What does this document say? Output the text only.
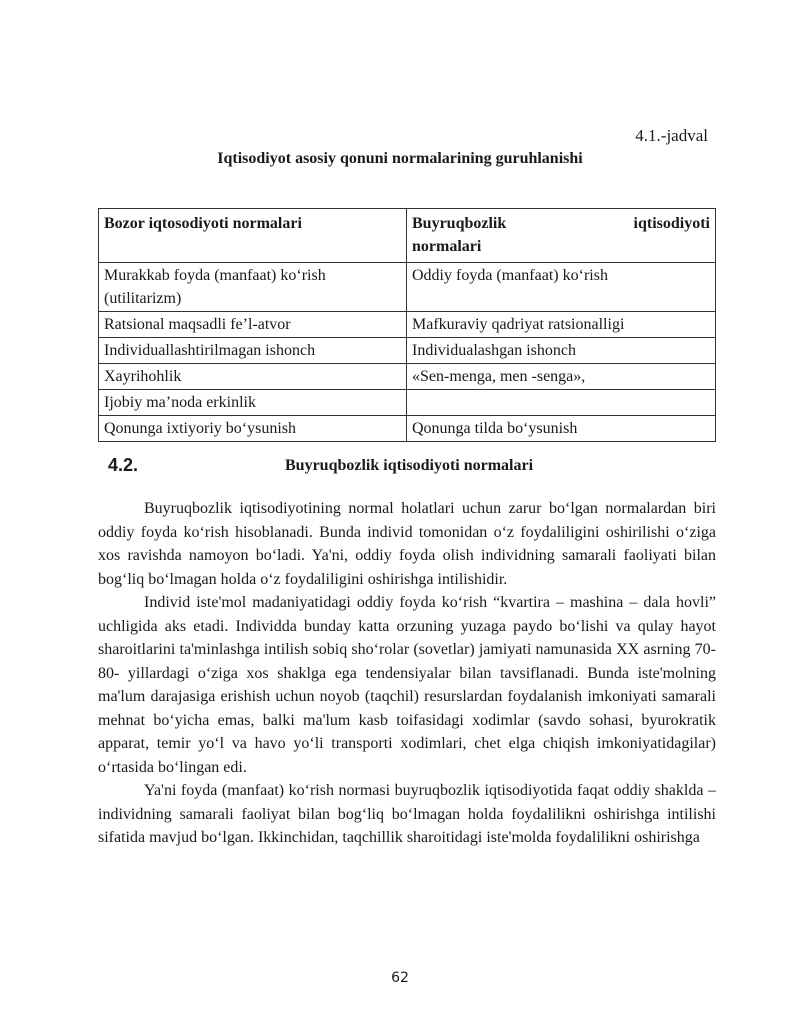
4.1.-jadval
Iqtisodiyot asosiy qonuni normalarining guruhlanishi
Bozor iqtosodiyoti normalari	Buyruqbozlik iqtisodiyoti
normalari

Murakkab foyda (manfaat) ko‘rish (utilitarizm)	Oddiy foyda (manfaat) ko‘rish
Ratsional maqsadli fe’l-atvor	Mafkuraviy qadriyat ratsionalligi
Individuallashtirilmagan ishonch	Individualashgan ishonch
Xayrihohlik	«Sen-menga, men -senga»,
Ijobiy ma’noda erkinlik	
Qonunga ixtiyoriy bo‘ysunish	Qonunga tilda bo‘ysunish
4.2.	Buyruqbozlik iqtisodiyoti normalari

Buyruqbozlik iqtisodiyotining normal holatlari uchun zarur bo‘lgan normalardan biri oddiy foyda ko‘rish hisoblanadi. Bunda individ tomonidan o‘z foydaliligini oshirilishi o‘ziga xos ravishda namoyon bo‘ladi. Ya'ni, oddiy foyda olish individning samarali faoliyati bilan bog‘liq bo‘lmagan holda o‘z foydaliligini oshirishga intilishidir.

Individ iste'mol madaniyatidagi oddiy foyda ko‘rish “kvartira – mashina – dala hovli” uchligida aks etadi. Individda bunday katta orzuning yuzaga paydo bo‘lishi va qulay hayot sharoitlarini ta'minlashga intilish sobiq sho‘rolar (sovetlar) jamiyati namunasida XX asrning 70-80- yillardagi o‘ziga xos shaklga ega tendensiyalar bilan tavsiflanadi. Bunda iste'molning ma'lum darajasiga erishish uchun noyob (taqchil) resurslardan foydalanish imkoniyati samarali mehnat bo‘yicha emas, balki ma'lum kasb toifasidagi xodimlar (savdo sohasi, byurokratik apparat, temir yo‘l va havo yo‘li transporti xodimlari, chet elga chiqish imkoniyatidagilar) o‘rtasida bo‘lingan edi.

Ya'ni foyda (manfaat) ko‘rish normasi buyruqbozlik iqtisodiyotida faqat oddiy shaklda – individning samarali faoliyat bilan bog‘liq bo‘lmagan holda foydalilikni oshirishga intilishi sifatida mavjud bo‘lgan. Ikkinchidan, taqchillik sharoitidagi iste'molda foydalilikni oshirishga

62
